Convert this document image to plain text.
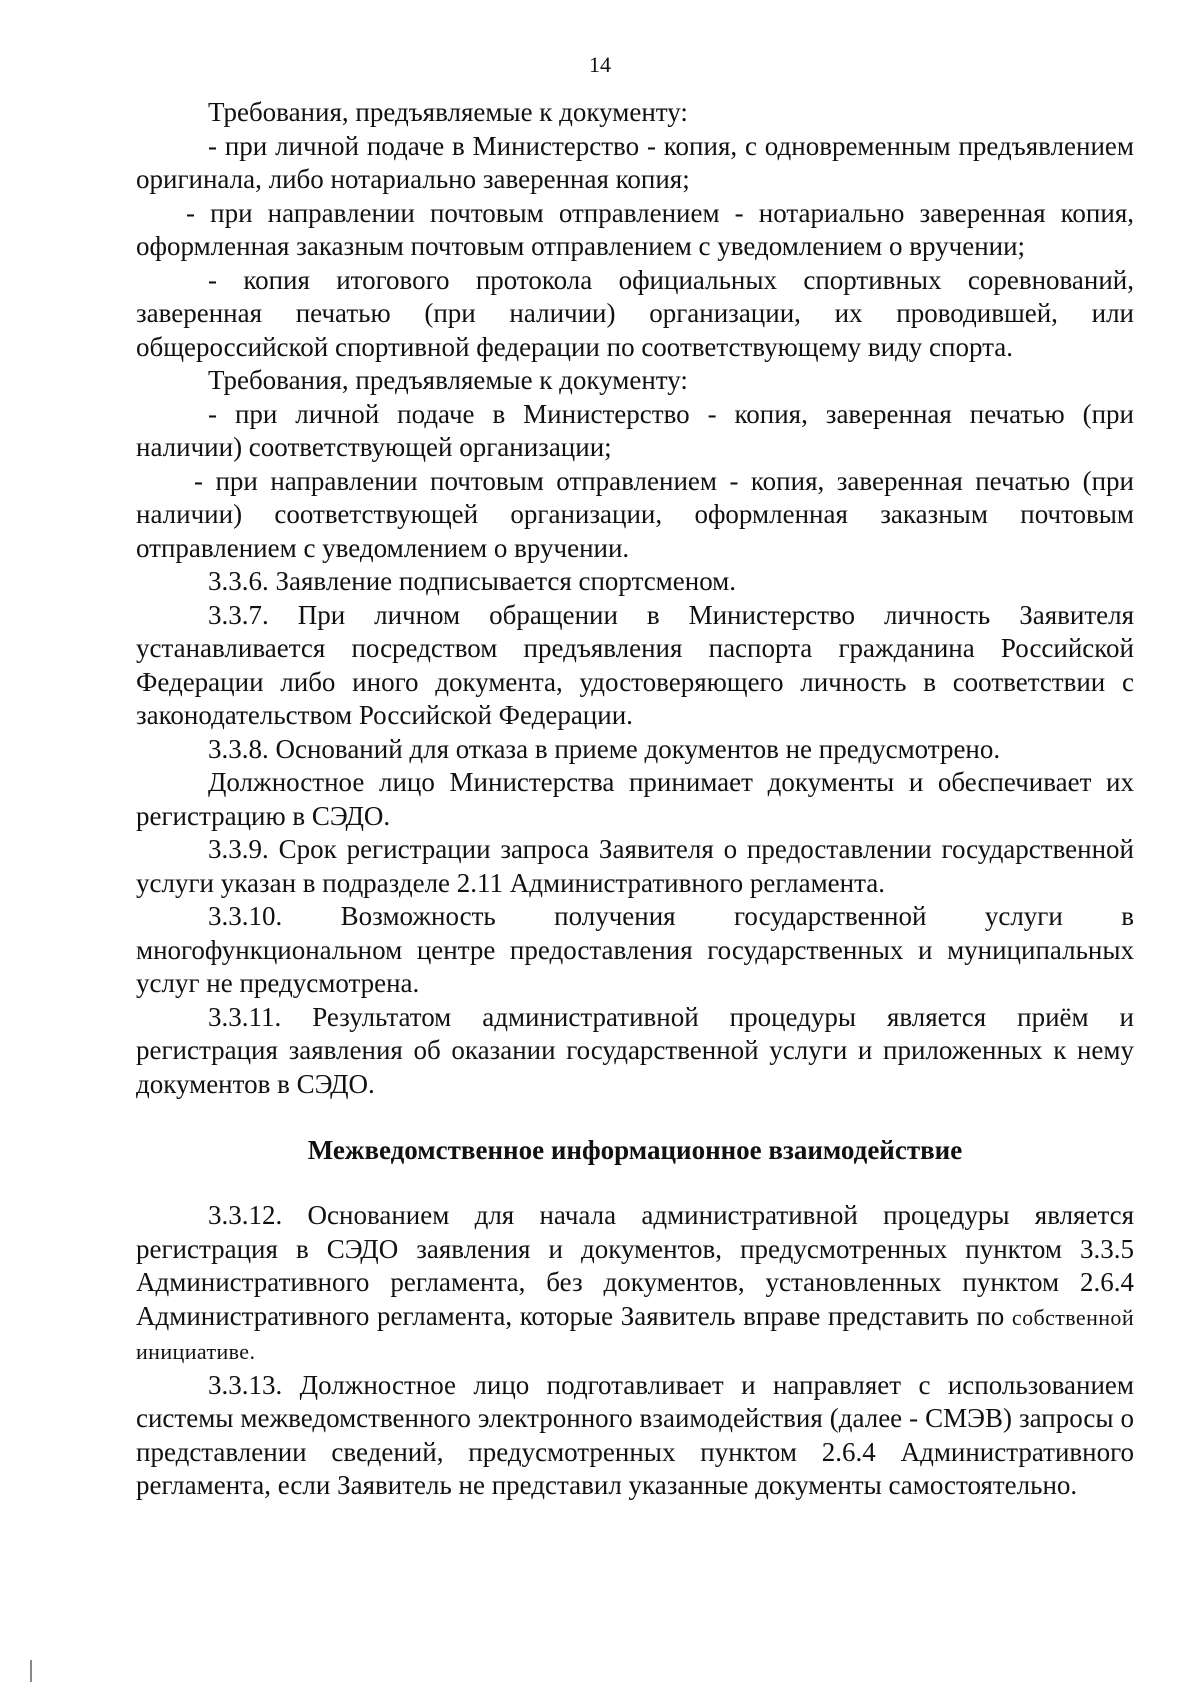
14

Требования, предъявляемые к документу:

- при личной подаче в Министерство - копия, с одновременным предъявлением оригинала, либо нотариально заверенная копия;

- при направлении почтовым отправлением - нотариально заверенная копия, оформленная заказным почтовым отправлением с уведомлением о вручении;

- копия итогового протокола официальных спортивных соревнований, заверенная печатью (при наличии) организации, их проводившей, или общероссийской спортивной федерации по соответствующему виду спорта.

Требования, предъявляемые к документу:

- при личной подаче в Министерство - копия, заверенная печатью (при наличии) соответствующей организации;

- при направлении почтовым отправлением - копия, заверенная печатью (при наличии) соответствующей организации, оформленная заказным почтовым отправлением с уведомлением о вручении.

3.3.6. Заявление подписывается спортсменом.

3.3.7. При личном обращении в Министерство личность Заявителя устанавливается посредством предъявления паспорта гражданина Российской Федерации либо иного документа, удостоверяющего личность в соответствии с законодательством Российской Федерации.

3.3.8. Оснований для отказа в приеме документов не предусмотрено.

Должностное лицо Министерства принимает документы и обеспечивает их регистрацию в СЭДО.

3.3.9. Срок регистрации запроса Заявителя о предоставлении государственной услуги указан в подразделе 2.11 Административного регламента.

3.3.10. Возможность получения государственной услуги в многофункциональном центре предоставления государственных и муниципальных услуг не предусмотрена.

3.3.11. Результатом административной процедуры является приём и регистрация заявления об оказании государственной услуги и приложенных к нему документов в СЭДО.

Межведомственное информационное взаимодействие

3.3.12. Основанием для начала административной процедуры является регистрация в СЭДО заявления и документов, предусмотренных пунктом 3.3.5 Административного регламента, без документов, установленных пунктом 2.6.4 Административного регламента, которые Заявитель вправе представить по собственной инициативе.

3.3.13. Должностное лицо подготавливает и направляет с использованием системы межведомственного электронного взаимодействия (далее - СМЭВ) запросы о представлении сведений, предусмотренных пунктом 2.6.4 Административного регламента, если Заявитель не представил указанные документы самостоятельно.
